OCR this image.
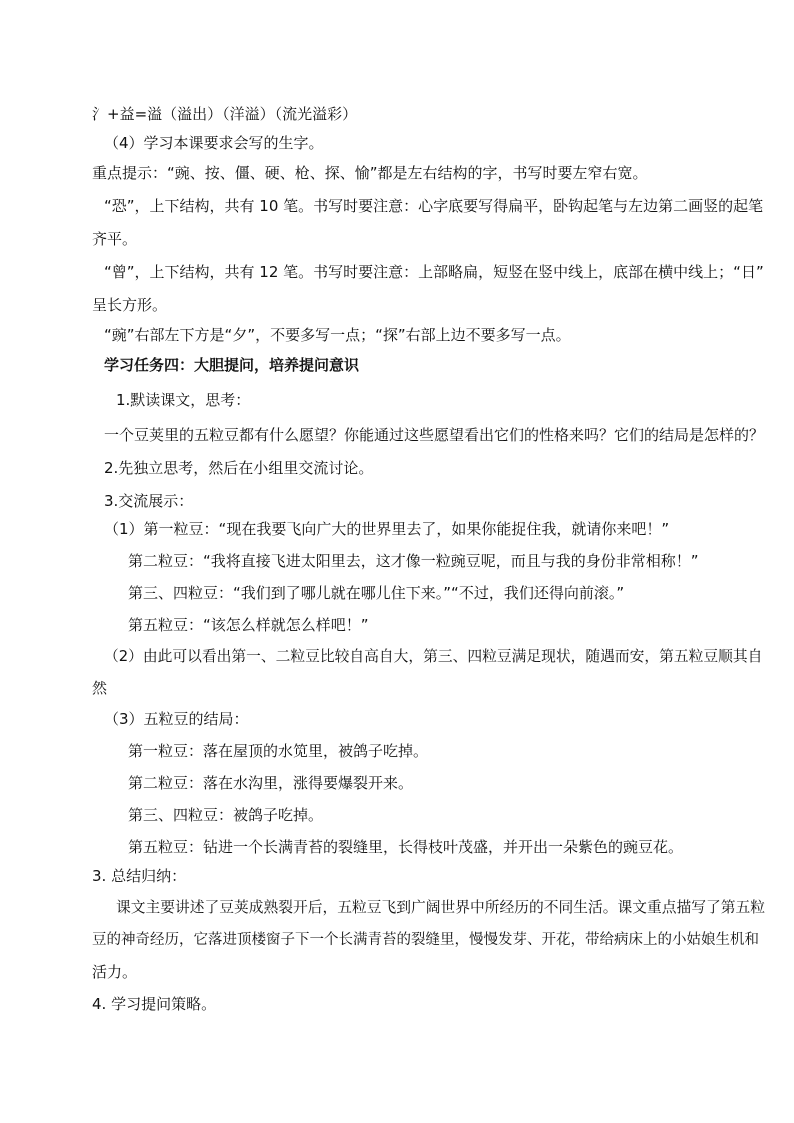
氵+益=溢（溢出）（洋溢）（流光溢彩）
（4）学习本课要求会写的生字。
重点提示：“豌、按、僵、硬、枪、探、愉”都是左右结构的字，书写时要左窄右宽。
“恐”，上下结构，共有 10 笔。书写时要注意：心字底要写得扁平，卧钩起笔与左边第二画竖的起笔
齐平。
“曾”，上下结构，共有 12 笔。书写时要注意：上部略扁，短竖在竖中线上，底部在横中线上；“日”
呈长方形。
“豌”右部左下方是“夕”，不要多写一点；“探”右部上边不要多写一点。
学习任务四：大胆提问，培养提问意识
1.默读课文，思考：
一个豆荚里的五粒豆都有什么愿望？你能通过这些愿望看出它们的性格来吗？它们的结局是怎样的？
2.先独立思考，然后在小组里交流讨论。
3.交流展示：
（1）第一粒豆：“现在我要飞向广大的世界里去了，如果你能捉住我，就请你来吧！”
第二粒豆：“我将直接飞进太阳里去，这才像一粒豌豆呢，而且与我的身份非常相称！”
第三、四粒豆：“我们到了哪儿就在哪儿住下来。”“不过，我们还得向前滚。”
第五粒豆：“该怎么样就怎么样吧！”
（2）由此可以看出第一、二粒豆比较自高自大，第三、四粒豆满足现状，随遇而安，第五粒豆顺其自
然
（3）五粒豆的结局：
第一粒豆：落在屋顶的水笕里，被鸽子吃掉。
第二粒豆：落在水沟里，涨得要爆裂开来。
第三、四粒豆：被鸽子吃掉。
第五粒豆：钻进一个长满青苔的裂缝里，长得枝叶茂盛，并开出一朵紫色的豌豆花。
3. 总结归纳：
课文主要讲述了豆荚成熟裂开后，五粒豆飞到广阔世界中所经历的不同生活。课文重点描写了第五粒
豆的神奇经历，它落进顶楼窗子下一个长满青苔的裂缝里，慢慢发芽、开花，带给病床上的小姑娘生机和
活力。
4. 学习提问策略。
